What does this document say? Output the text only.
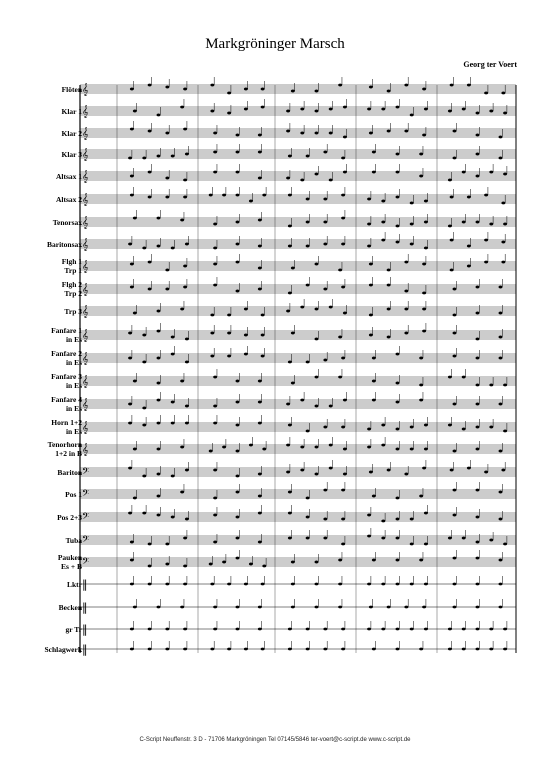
Markgröninger Marsch
Georg ter Voert
Flöten
Klar 1
Klar 2
Klar 3
Altsax 1
Altsax 2
Tenorsax
Baritonsax
Flgh 1
Trp 1
Flgh 2
Trp 2
Trp 3
Fanfare 1
in Es
Fanfare 2
in Es
Fanfare 3
in Es
Fanfare 4
in Es
Horn 1+2
in Es
Tenorhorn
1+2 in B
Bariton
Pos 1
Pos 2+3
Tuba
Pauken
Es + B
Lktr
Becken
gr Tr
Schlagwerk
𝄞
𝄞
𝄞
𝄞
𝄞
𝄞
𝄞
𝄞
𝄞
𝄞
𝄞
𝄞
𝄞
𝄞
𝄞
𝄞
𝄞
𝄢
𝄢
𝄢
𝄢
𝄢
‖
‖
‖
‖
C-Script Neuffenstr. 3 D - 71706 Markgröningen Tel 07145/5846 ter-voert@c-script.de www.c-script.de
